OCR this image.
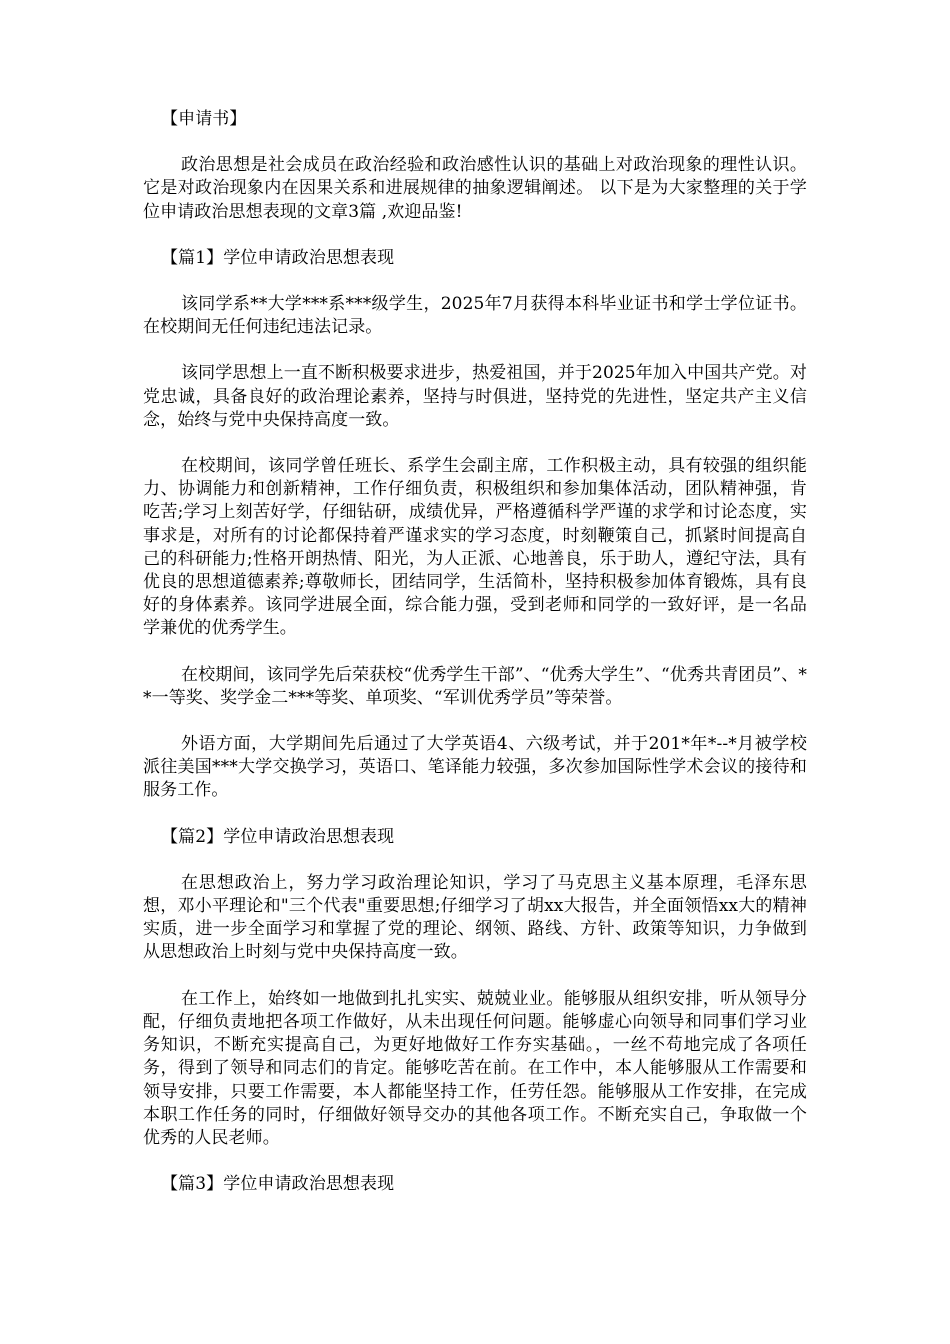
【申请书】

政治思想是社会成员在政治经验和政治感性认识的基础上对政治现象的理性认识。它是对政治现象内在因果关系和进展规律的抽象逻辑阐述。 以下是为大家整理的关于学位申请政治思想表现的文章3篇 ,欢迎品鉴!

【篇1】学位申请政治思想表现

该同学系**大学***系***级学生，2025年7月获得本科毕业证书和学士学位证书。在校期间无任何违纪违法记录。

该同学思想上一直不断积极要求进步，热爱祖国，并于2025年加入中国共产党。对党忠诚，具备良好的政治理论素养，坚持与时俱进，坚持党的先进性，坚定共产主义信念，始终与党中央保持高度一致。

在校期间，该同学曾任班长、系学生会副主席，工作积极主动，具有较强的组织能力、协调能力和创新精神，工作仔细负责，积极组织和参加集体活动，团队精神强，肯吃苦;学习上刻苦好学，仔细钻研，成绩优异，严格遵循科学严谨的求学和讨论态度，实事求是，对所有的讨论都保持着严谨求实的学习态度，时刻鞭策自己，抓紧时间提高自己的科研能力;性格开朗热情、阳光，为人正派、心地善良，乐于助人，遵纪守法，具有优良的思想道德素养;尊敬师长，团结同学，生活简朴，坚持积极参加体育锻炼，具有良好的身体素养。该同学进展全面，综合能力强，受到老师和同学的一致好评，是一名品学兼优的优秀学生。

在校期间，该同学先后荣获校“优秀学生干部”、“优秀大学生”、“优秀共青团员”、**一等奖、奖学金二***等奖、单项奖、“军训优秀学员”等荣誉。

外语方面，大学期间先后通过了大学英语4、六级考试，并于201*年*--*月被学校派往美国***大学交换学习，英语口、笔译能力较强，多次参加国际性学术会议的接待和服务工作。

【篇2】学位申请政治思想表现

在思想政治上，努力学习政治理论知识，学习了马克思主义基本原理，毛泽东思想，邓小平理论和"三个代表"重要思想;仔细学习了胡xx大报告，并全面领悟xx大的精神实质，进一步全面学习和掌握了党的理论、纲领、路线、方针、政策等知识，力争做到从思想政治上时刻与党中央保持高度一致。

在工作上，始终如一地做到扎扎实实、兢兢业业。能够服从组织安排，听从领导分配，仔细负责地把各项工作做好，从未出现任何问题。能够虚心向领导和同事们学习业务知识，不断充实提高自己，为更好地做好工作夯实基础。，一丝不苟地完成了各项任务，得到了领导和同志们的肯定。能够吃苦在前。在工作中，本人能够服从工作需要和领导安排，只要工作需要，本人都能坚持工作，任劳任怨。能够服从工作安排，在完成本职工作任务的同时，仔细做好领导交办的其他各项工作。不断充实自己，争取做一个优秀的人民老师。

【篇3】学位申请政治思想表现
